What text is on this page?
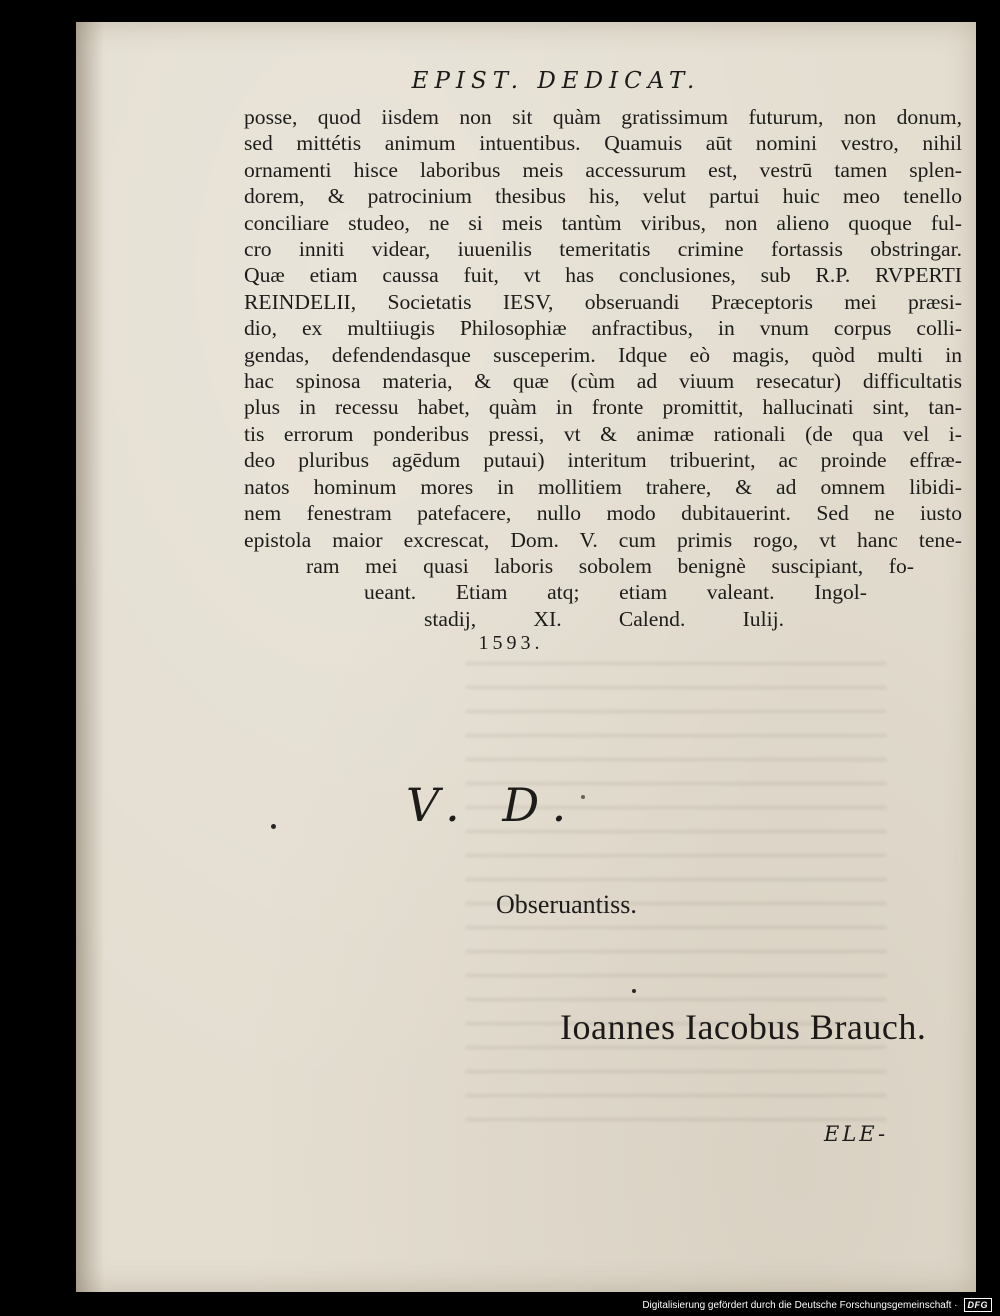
EPIST. DEDICAT.
posse, quod iisdem non sit quàm gratissimum futurum, non donum,
sed mittétis animum intuentibus. Quamuis aūt nomini vestro, nihil
ornamenti hisce laboribus meis accessurum est, vestrū tamen splen-
dorem, & patrocinium thesibus his, velut partui huic meo tenello
conciliare studeo, ne si meis tantùm viribus, non alieno quoque ful-
cro inniti videar, iuuenilis temeritatis crimine fortassis obstringar.
Quæ etiam caussa fuit, vt has conclusiones, sub R.P. RVPERTI
REINDELII, Societatis IESV, obseruandi Præceptoris mei præsi-
dio, ex multiiugis Philosophiæ anfractibus, in vnum corpus colli-
gendas, defendendasque susceperim. Idque eò magis, quòd multi in
hac spinosa materia, & quæ (cùm ad viuum resecatur) difficultatis
plus in recessu habet, quàm in fronte promittit, hallucinati sint, tan-
tis errorum ponderibus pressi, vt & animæ rationali (de qua vel i-
deo pluribus agēdum putaui) interitum tribuerint, ac proinde effræ-
natos hominum mores in mollitiem trahere, & ad omnem libidi-
nem fenestram patefacere, nullo modo dubitauerint. Sed ne iusto
epistola maior excrescat, Dom. V. cum primis rogo, vt hanc tene-
ram mei quasi laboris sobolem benignè suscipiant, fo-
ueant. Etiam atq; etiam valeant. Ingol-
stadij, XI. Calend. Iulij.
1593.
V. D.
Obseruantiss.
Ioannes Iacobus Brauch.
ELE-
Digitalisierung gefördert durch die Deutsche Forschungsgemeinschaft ·	DFG
